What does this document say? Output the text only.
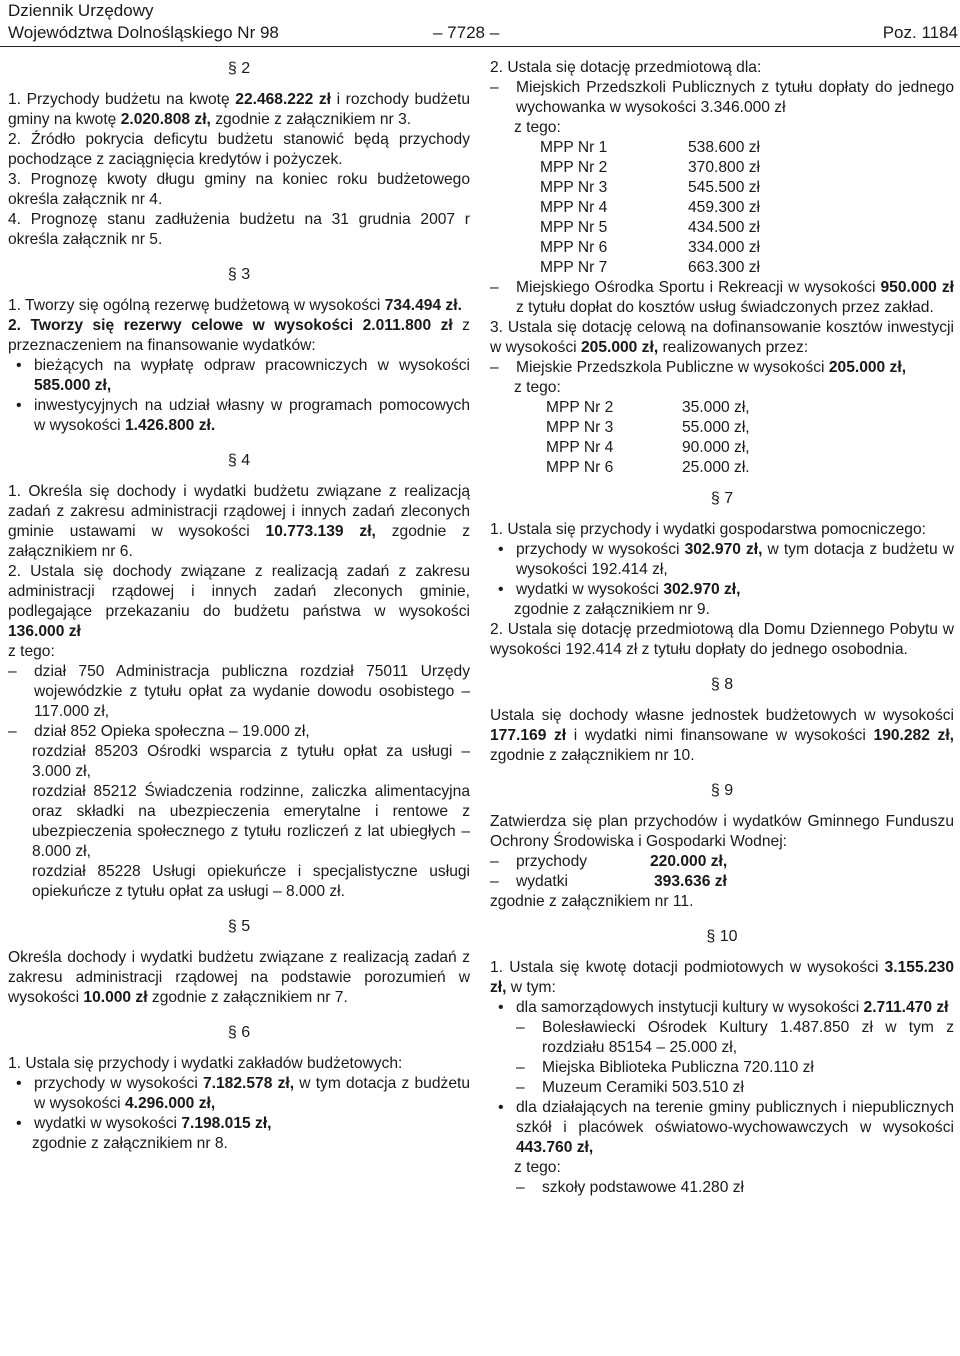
Dziennik Urzędowy
Województwa Dolnośląskiego Nr 98	– 7728 –	Poz. 1184
§ 2
1. Przychody budżetu na kwotę 22.468.222 zł i rozchody budżetu gminy na kwotę 2.020.808 zł, zgodnie z załącznikiem nr 3.
2. Źródło pokrycia deficytu budżetu stanowić będą przychody pochodzące z zaciągnięcia kredytów i pożyczek.
3. Prognozę kwoty długu gminy na koniec roku budżetowego określa załącznik nr 4.
4. Prognozę stanu zadłużenia budżetu na 31 grudnia 2007 r określa załącznik nr 5.
§ 3
1. Tworzy się ogólną rezerwę budżetową w wysokości 734.494 zł.
2. Tworzy się rezerwy celowe w wysokości 2.011.800 zł z przeznaczeniem na finansowanie wydatków:
• bieżących na wypłatę odpraw pracowniczych w wysokości 585.000 zł,
• inwestycyjnych na udział własny w programach pomocowych w wysokości 1.426.800 zł.
§ 4
1. Określa się dochody i wydatki budżetu związane z realizacją zadań z zakresu administracji rządowej i innych zadań zleconych gminie ustawami w wysokości 10.773.139 zł, zgodnie z załącznikiem nr 6.
2. Ustala się dochody związane z realizacją zadań z zakresu administracji rządowej i innych zadań zleconych gminie, podlegające przekazaniu do budżetu państwa w wysokości 136.000 zł
z tego:
– dział 750 Administracja publiczna rozdział 75011 Urzędy wojewódzkie z tytułu opłat za wydanie dowodu osobistego – 117.000 zł,
– dział 852 Opieka społeczna – 19.000 zł,
rozdział 85203 Ośrodki wsparcia z tytułu opłat za usługi – 3.000 zł,
rozdział 85212 Świadczenia rodzinne, zaliczka alimentacyjna oraz składki na ubezpieczenia emerytalne i rentowe z ubezpieczenia społecznego z tytułu rozliczeń z lat ubiegłych – 8.000 zł,
rozdział 85228 Usługi opiekuńcze i specjalistyczne usługi opiekuńcze z tytułu opłat za usługi – 8.000 zł.
§ 5
Określa dochody i wydatki budżetu związane z realizacją zadań z zakresu administracji rządowej na podstawie porozumień w wysokości 10.000 zł zgodnie z załącznikiem nr 7.
§ 6
1. Ustala się przychody i wydatki zakładów budżetowych:
• przychody w wysokości 7.182.578 zł, w tym dotacja z budżetu w wysokości 4.296.000 zł,
• wydatki w wysokości 7.198.015 zł,
zgodnie z załącznikiem nr 8.
2. Ustala się dotację przedmiotową dla:
– Miejskich Przedszkoli Publicznych z tytułu dopłaty do jednego wychowanka w wysokości 3.346.000 zł
z tego:
MPP Nr 1	538.600 zł
MPP Nr 2	370.800 zł
MPP Nr 3	545.500 zł
MPP Nr 4	459.300 zł
MPP Nr 5	434.500 zł
MPP Nr 6	334.000 zł
MPP Nr 7	663.300 zł
– Miejskiego Ośrodka Sportu i Rekreacji w wysokości 950.000 zł z tytułu dopłat do kosztów usług świadczonych przez zakład.
3. Ustala się dotację celową na dofinansowanie kosztów inwestycji w wysokości 205.000 zł, realizowanych przez:
– Miejskie Przedszkola Publiczne w wysokości 205.000 zł,
z tego:
MPP Nr 2	35.000 zł,
MPP Nr 3	55.000 zł,
MPP Nr 4	90.000 zł,
MPP Nr 6	25.000 zł.
§ 7
1. Ustala się przychody i wydatki gospodarstwa pomocniczego:
• przychody w wysokości 302.970 zł, w tym dotacja z budżetu w wysokości 192.414 zł,
• wydatki w wysokości 302.970 zł,
zgodnie z załącznikiem nr 9.
2. Ustala się dotację przedmiotową dla Domu Dziennego Pobytu w wysokości 192.414 zł z tytułu dopłaty do jednego osobodnia.
§ 8
Ustala się dochody własne jednostek budżetowych w wysokości 177.169 zł i wydatki nimi finansowane w wysokości 190.282 zł, zgodnie z załącznikiem nr 10.
§ 9
Zatwierdza się plan przychodów i wydatków Gminnego Funduszu Ochrony Środowiska i Gospodarki Wodnej:
– przychody	220.000 zł,
– wydatki	393.636 zł
zgodnie z załącznikiem nr 11.
§ 10
1. Ustala się kwotę dotacji podmiotowych w wysokości 3.155.230 zł, w tym:
• dla samorządowych instytucji kultury w wysokości 2.711.470 zł
– Bolesławiecki Ośrodek Kultury 1.487.850 zł w tym z rozdziału 85154 – 25.000 zł,
– Miejska Biblioteka Publiczna 720.110 zł
– Muzeum Ceramiki 503.510 zł
• dla działających na terenie gminy publicznych i niepublicznych szkół i placówek oświatowo-wychowawczych w wysokości 443.760 zł,
z tego:
– szkoły podstawowe 41.280 zł
